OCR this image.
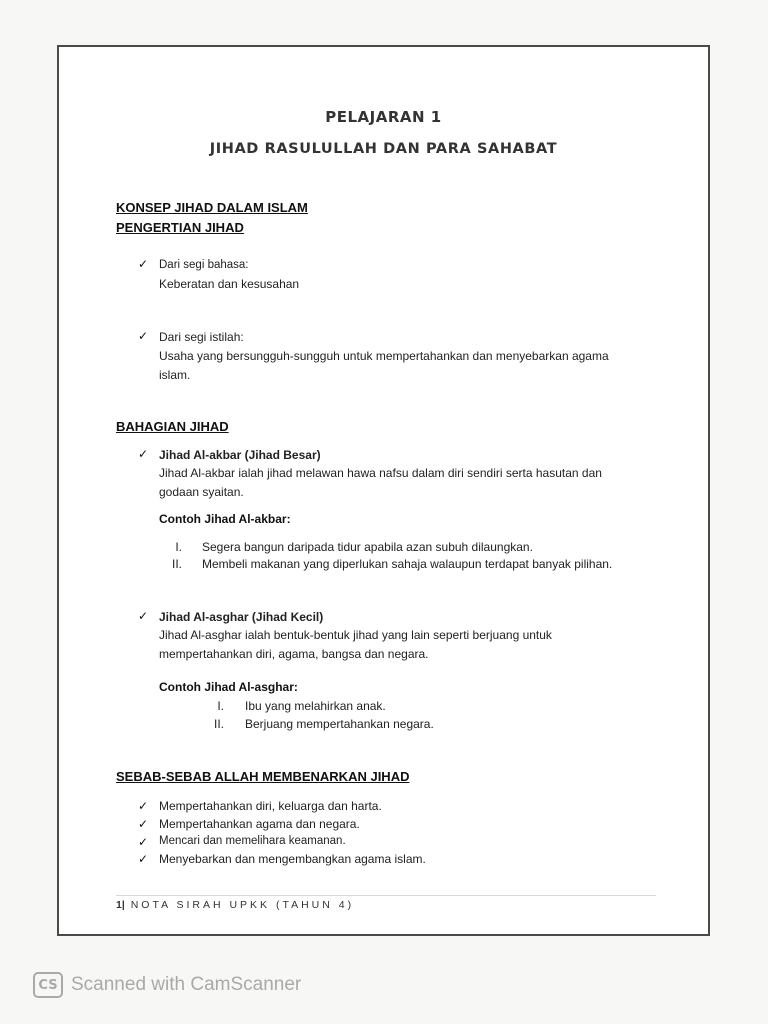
PELAJARAN 1
JIHAD RASULULLAH DAN PARA SAHABAT
KONSEP JIHAD DALAM ISLAM
PENGERTIAN JIHAD
✓ Dari segi bahasa:
Keberatan dan kesusahan
✓ Dari segi istilah:
Usaha yang bersungguh-sungguh untuk mempertahankan dan menyebarkan agama
islam.
BAHAGIAN JIHAD
✓ Jihad Al-akbar (Jihad Besar)
Jihad Al-akbar ialah jihad melawan hawa nafsu dalam diri sendiri serta hasutan dan
godaan syaitan.
Contoh Jihad Al-akbar:
I. Segera bangun daripada tidur apabila azan subuh dilaungkan.
II. Membeli makanan yang diperlukan sahaja walaupun terdapat banyak pilihan.
✓ Jihad Al-asghar (Jihad Kecil)
Jihad Al-asghar ialah bentuk-bentuk jihad yang lain seperti berjuang untuk
mempertahankan diri, agama, bangsa dan negara.
Contoh Jihad Al-asghar:
I. Ibu yang melahirkan anak.
II. Berjuang mempertahankan negara.
SEBAB-SEBAB ALLAH MEMBENARKAN JIHAD
✓ Mempertahankan diri, keluarga dan harta.
✓ Mempertahankan agama dan negara.
✓ Mencari dan memelihara keamanan.
✓ Menyebarkan dan mengembangkan agama islam.
1| NOTA SIRAH UPKK (TAHUN 4)
CS Scanned with CamScanner
